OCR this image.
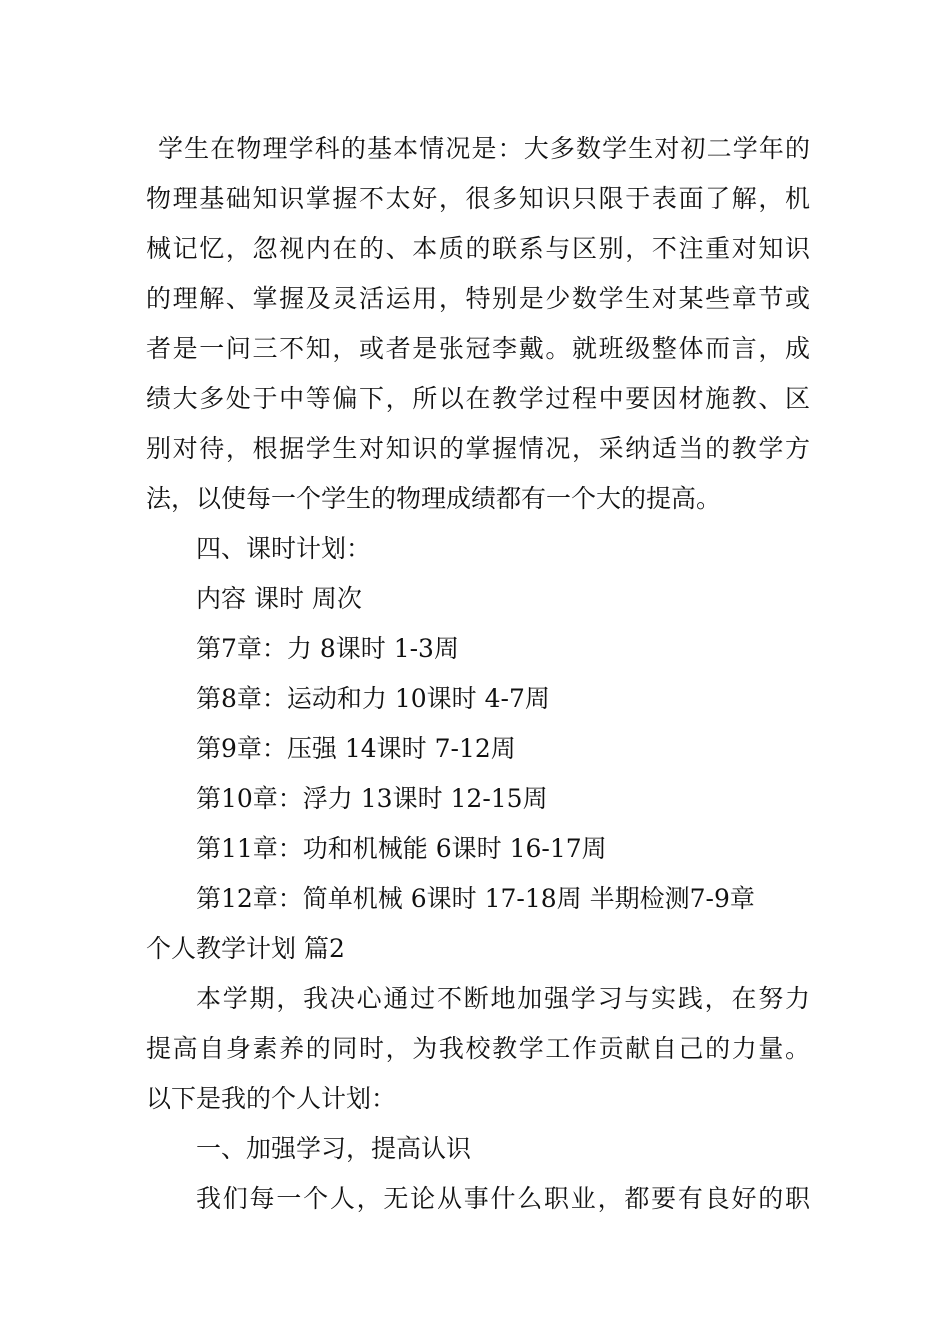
学生在物理学科的基本情况是：大多数学生对初二学年的
物理基础知识掌握不太好，很多知识只限于表面了解，机
械记忆，忽视内在的、本质的联系与区别，不注重对知识
的理解、掌握及灵活运用，特别是少数学生对某些章节或
者是一问三不知，或者是张冠李戴。就班级整体而言，成
绩大多处于中等偏下，所以在教学过程中要因材施教、区
别对待，根据学生对知识的掌握情况，采纳适当的教学方
法，以使每一个学生的物理成绩都有一个大的提高。
四、课时计划：
内容 课时 周次
第7章：力 8课时 1-3周
第8章：运动和力 10课时 4-7周
第9章：压强 14课时 7-12周
第10章：浮力 13课时 12-15周
第11章：功和机械能 6课时 16-17周
第12章：简单机械 6课时 17-18周 半期检测7-9章
个人教学计划 篇2
本学期，我决心通过不断地加强学习与实践，在努力
提高自身素养的同时，为我校教学工作贡献自己的力量。
以下是我的个人计划：
一、加强学习，提高认识
我们每一个人，无论从事什么职业，都要有良好的职
